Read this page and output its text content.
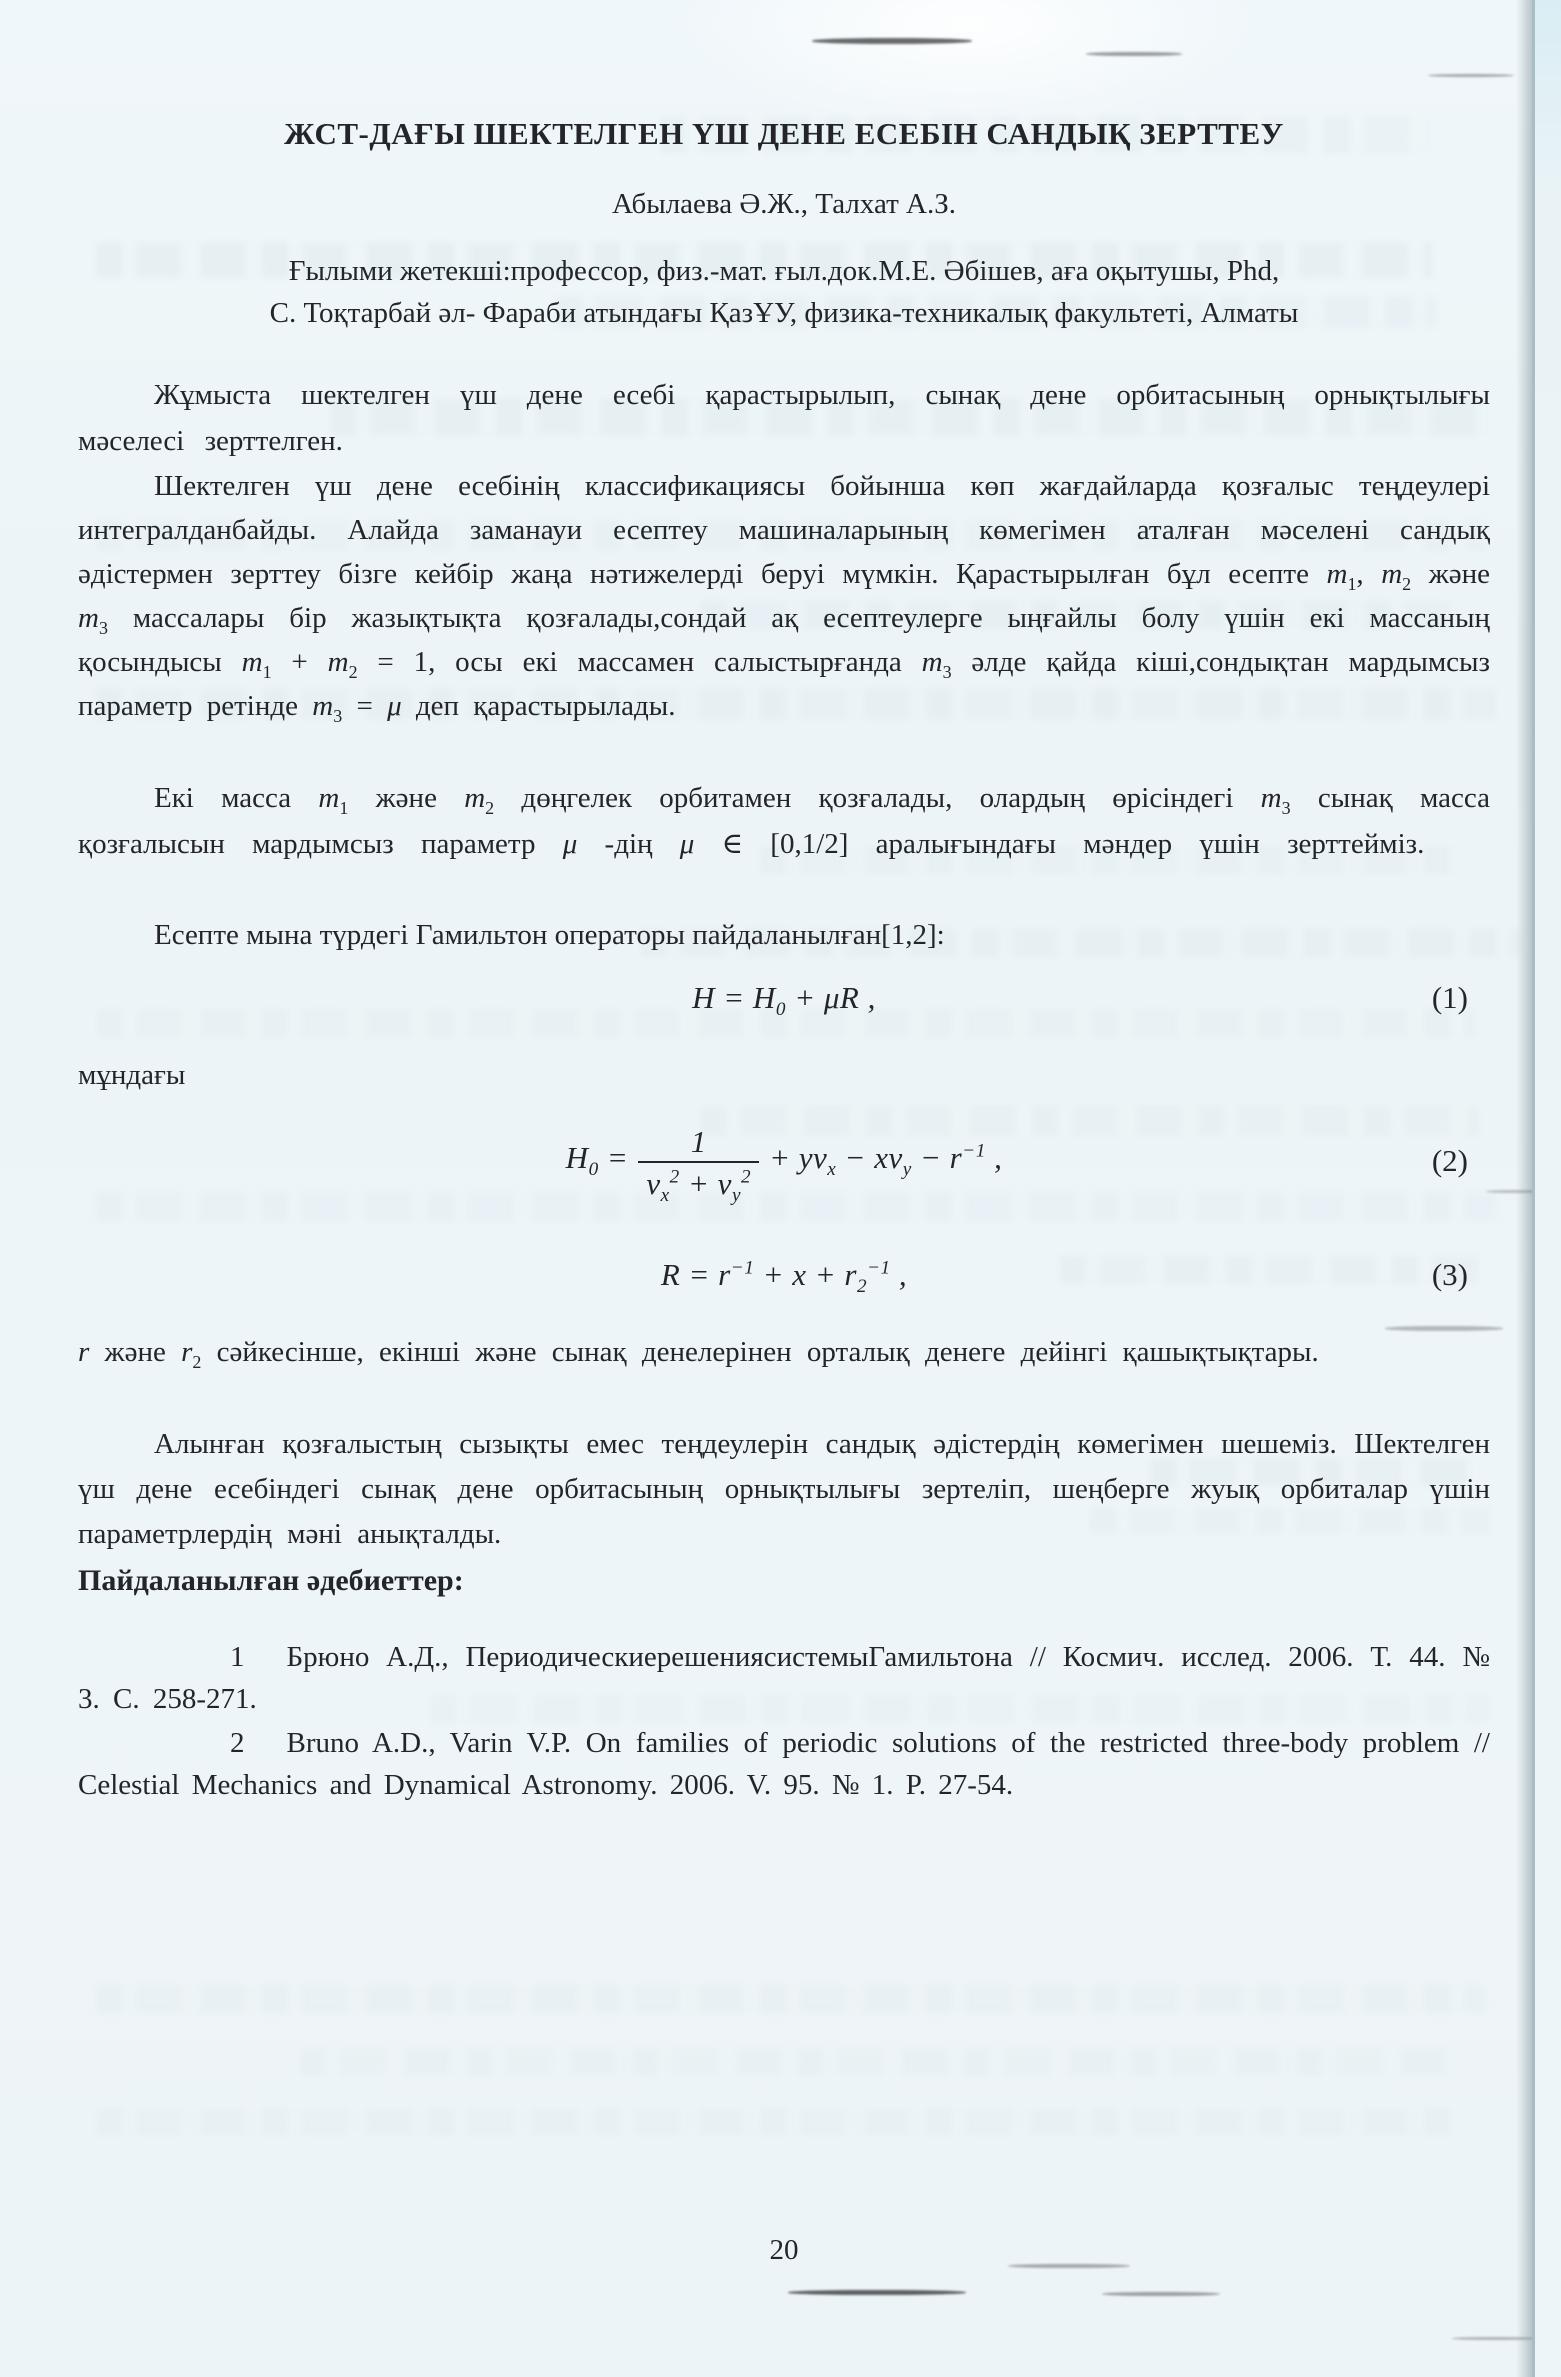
ЖСТ-ДАҒЫ ШЕКТЕЛГЕН ҮШ ДЕНЕ ЕСЕБІН САНДЫҚ ЗЕРТТЕУ
Абылаева Ә.Ж., Талхат А.З.
Ғылыми жетекші:профессор, физ.-мат. ғыл.док.М.Е. Әбішев, аға оқытушы, Phd,
С. Тоқтарбай әл- Фараби атындағы ҚазҰУ, физика-техникалық факультеті, Алматы

Жұмыста шектелген үш дене есебі қарастырылып, сынақ дене орбитасының орнықтылығы мәселесі зерттелген.

Шектелген үш дене есебінің классификациясы бойынша көп жағдайларда қозғалыс теңдеулері интегралданбайды. Алайда заманауи есептеу машиналарының көмегімен аталған мәселені сандық әдістермен зерттеу бізге кейбір жаңа нәтижелерді беруі мүмкін. Қарастырылған бұл есепте $m_1$, $m_2$ және $m_3$ массалары бір жазықтықта қозғалады,сондай ақ есептеулерге ыңғайлы болу үшін екі массаның қосындысы $m_1 + m_2 = 1$, осы екі массамен салыстырғанда $m_3$ әлде қайда кіші,сондықтан мардымсыз параметр ретінде $m_3 = \mu$ деп қарастырылады.

Екі масса $m_1$ және $m_2$ дөңгелек орбитамен қозғалады, олардың өрісіндегі $m_3$ сынақ масса қозғалысын мардымсыз параметр μ -дің μ ∈ [0,1/2] аралығындағы мәндер үшін зерттейміз.

Есепте мына түрдегі Гамильтон операторы пайдаланылған[1,2]:

$H = H_0 + \mu R$ ,	(1)

мұндағы

$H_0 = \frac{1}{v_x^2 + v_y^2} + yv_x - xv_y - r^{-1}$ ,	(2)
$R = r^{-1} + x + r_2^{-1}$ ,	(3)

r және $r_2$ сәйкесінше, екінші және сынақ денелерінен орталық денеге дейінгі қашықтықтары.

Алынған қозғалыстың сызықты емес теңдеулерін сандық әдістердің көмегімен шешеміз. Шектелген үш дене есебіндегі сынақ дене орбитасының орнықтылығы зертеліп, шеңберге жуық орбиталар үшін параметрлердің мәні анықталды.

Пайдаланылған әдебиеттер:

1 Брюно А.Д., ПериодическиерешениясистемыГамильтона // Космич. исслед. 2006. Т. 44. № 3. С. 258-271.

2 Bruno A.D., Varin V.P. On families of periodic solutions of the restricted three-body problem // Celestial Mechanics and Dynamical Astronomy. 2006. V. 95. № 1. P. 27-54.

20
